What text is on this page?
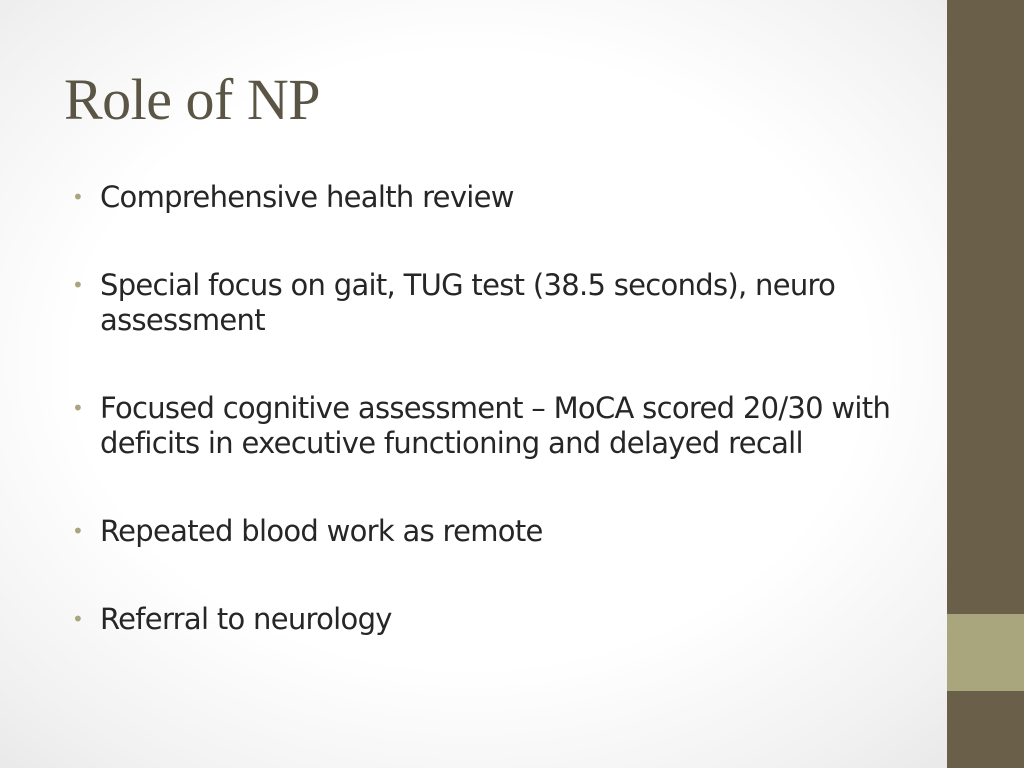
Role of NP
• Comprehensive health review
• Special focus on gait, TUG test (38.5 seconds), neuro assessment
• Focused cognitive assessment – MoCA scored 20/30 with deficits in executive functioning and delayed recall
• Repeated blood work as remote
• Referral to neurology
